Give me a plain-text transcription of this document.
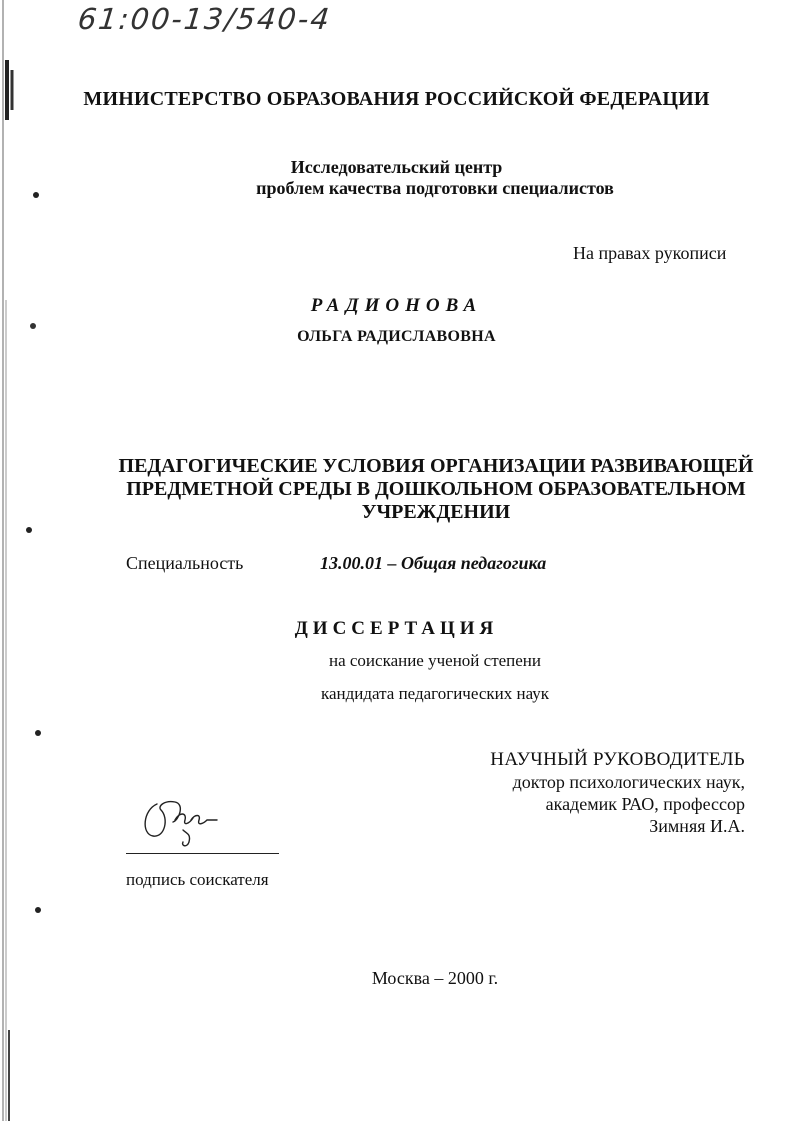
61:00-13/540-4
МИНИСТЕРСТВО ОБРАЗОВАНИЯ РОССИЙСКОЙ ФЕДЕРАЦИИ
Исследовательский центр
проблем качества подготовки специалистов
На правах рукописи
РАДИОНОВА
ОЛЬГА РАДИСЛАВОВНА
ПЕДАГОГИЧЕСКИЕ УСЛОВИЯ ОРГАНИЗАЦИИ РАЗВИВАЮЩЕЙ ПРЕДМЕТНОЙ СРЕДЫ В ДОШКОЛЬНОМ ОБРАЗОВАТЕЛЬНОМ УЧРЕЖДЕНИИ
Специальность	13.00.01 – Общая педагогика
ДИССЕРТАЦИЯ
на соискание ученой степени
кандидата педагогических наук
НАУЧНЫЙ РУКОВОДИТЕЛЬ
доктор психологических наук,
академик РАО, профессор
Зимняя И.А.
подпись соискателя
Москва – 2000 г.
